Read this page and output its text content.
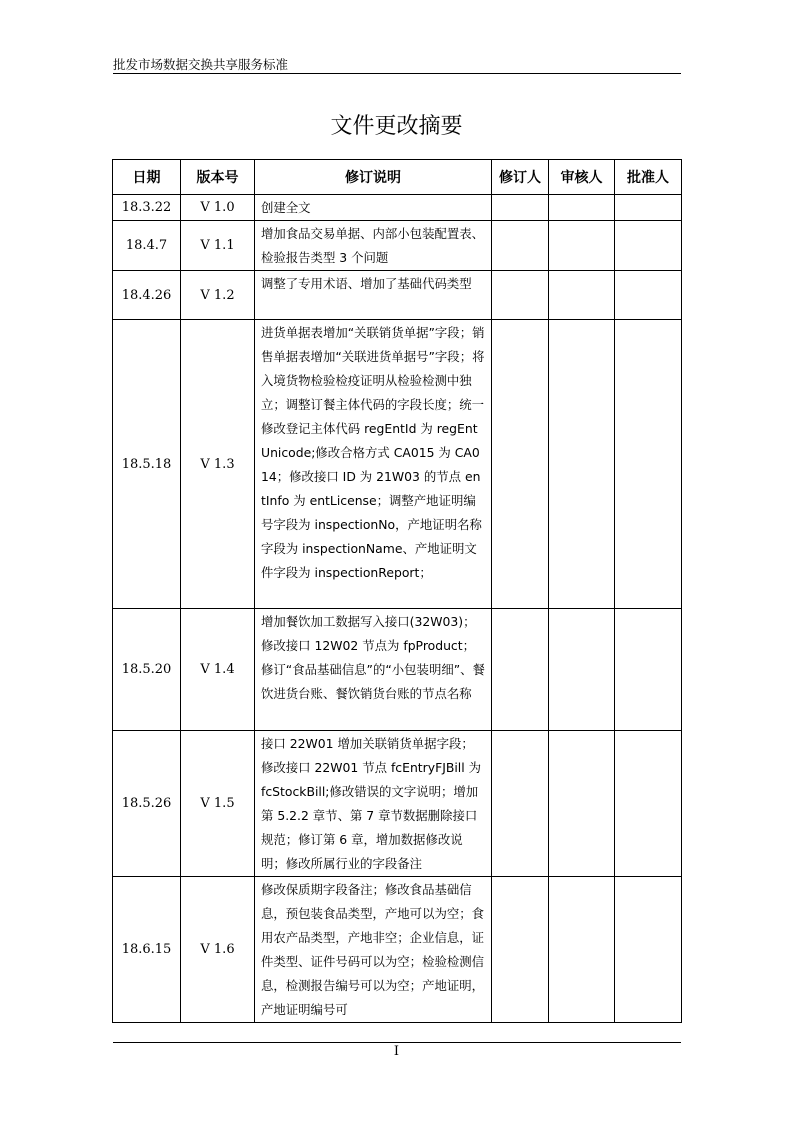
批发市场数据交换共享服务标准
文件更改摘要
日期	版本号	修订说明	修订人	审核人	批准人
18.3.22	V 1.0	创建全文			
18.4.7	V 1.1	增加食品交易单据、内部小包装配置表、检验报告类型 3 个问题			
18.4.26	V 1.2	调整了专用术语、增加了基础代码类型			
18.5.18	V 1.3	进货单据表增加“关联销货单据”字段；销售单据表增加“关联进货单据号”字段；将入境货物检验检疫证明从检验检测中独立；调整订餐主体代码的字段长度；统一修改登记主体代码 regEntId 为 regEntUnicode;修改合格方式 CA015 为 CA014；修改接口 ID 为 21W03 的节点 entInfo 为 entLicense；调整产地证明编号字段为 inspectionNo，产地证明名称字段为 inspectionName、产地证明文件字段为 inspectionReport；			
18.5.20	V 1.4	增加餐饮加工数据写入接口(32W03)；修改接口 12W02 节点为 fpProduct；修订“食品基础信息”的“小包装明细”、餐饮进货台账、餐饮销货台账的节点名称			
18.5.26	V 1.5	接口 22W01 增加关联销货单据字段；修改接口 22W01 节点 fcEntryFJBill 为 fcStockBill;修改错误的文字说明；增加第 5.2.2 章节、第 7 章节数据删除接口规范；修订第 6 章，增加数据修改说明；修改所属行业的字段备注			
18.6.15	V 1.6	修改保质期字段备注；修改食品基础信息，预包装食品类型，产地可以为空；食用农产品类型，产地非空；企业信息，证件类型、证件号码可以为空；检验检测信息，检测报告编号可以为空；产地证明，产地证明编号可			
I
